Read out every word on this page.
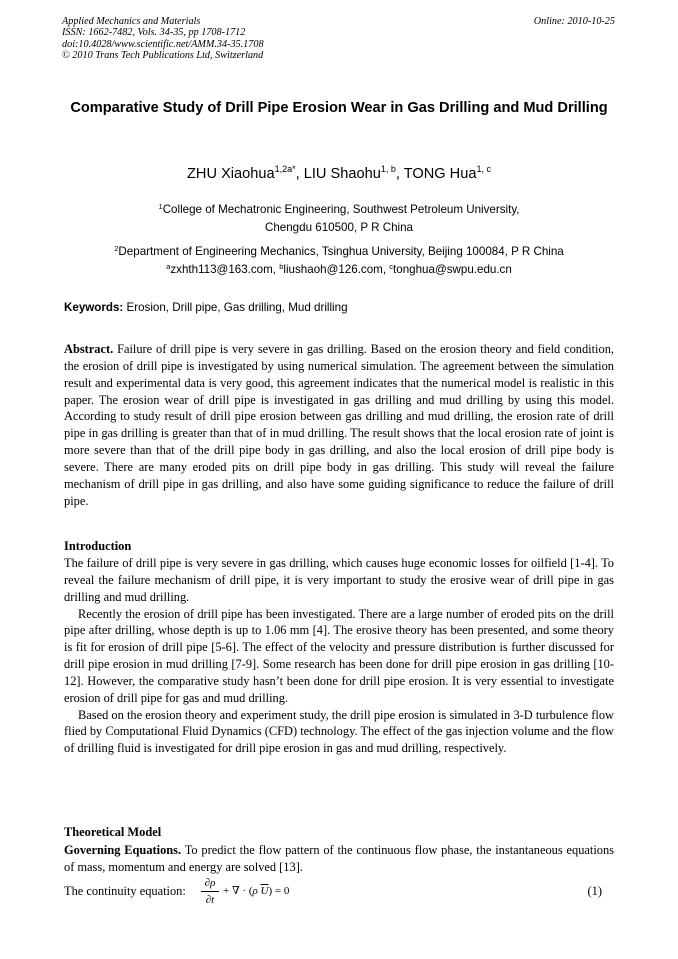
Applied Mechanics and Materials
ISSN: 1662-7482, Vols. 34-35, pp 1708-1712
doi:10.4028/www.scientific.net/AMM.34-35.1708
© 2010 Trans Tech Publications Ltd, Switzerland
Online: 2010-10-25
Comparative Study of Drill Pipe Erosion Wear in Gas Drilling and Mud Drilling
ZHU Xiaohua$^{1,2a*}$, LIU Shaohu$^{1, b}$, TONG Hua$^{1, c}$
$^1$College of Mechatronic Engineering, Southwest Petroleum University,
Chengdu 610500, P R China
$^2$Department of Engineering Mechanics, Tsinghua University, Beijing 100084, P R China
$^a$zxhth113@163.com, $^b$liushaoh@126.com, $^c$tonghua@swpu.edu.cn
Keywords: Erosion, Drill pipe, Gas drilling, Mud drilling
Abstract. Failure of drill pipe is very severe in gas drilling. Based on the erosion theory and field condition, the erosion of drill pipe is investigated by using numerical simulation. The agreement between the simulation result and experimental data is very good, this agreement indicates that the numerical model is realistic in this paper. The erosion wear of drill pipe is investigated in gas drilling and mud drilling by using this model. According to study result of drill pipe erosion between gas drilling and mud drilling, the erosion rate of drill pipe in gas drilling is greater than that of in mud drilling. The result shows that the local erosion rate of joint is more severe than that of the drill pipe body in gas drilling, and also the local erosion of drill pipe body is severe. There are many eroded pits on drill pipe body in gas drilling. This study will reveal the failure mechanism of drill pipe in gas drilling, and also have some guiding significance to reduce the failure of drill pipe.
Introduction
The failure of drill pipe is very severe in gas drilling, which causes huge economic losses for oilfield [1-4]. To reveal the failure mechanism of drill pipe, it is very important to study the erosive wear of drill pipe in gas drilling and mud drilling.
Recently the erosion of drill pipe has been investigated. There are a large number of eroded pits on the drill pipe after drilling, whose depth is up to 1.06 mm [4]. The erosive theory has been presented, and some theory is fit for erosion of drill pipe [5-6]. The effect of the velocity and pressure distribution is further discussed for drill pipe erosion in mud drilling [7-9]. Some research has been done for drill pipe erosion in gas drilling [10-12]. However, the comparative study hasn’t been done for drill pipe erosion. It is very essential to investigate erosion of drill pipe for gas and mud drilling.
Based on the erosion theory and experiment study, the drill pipe erosion is simulated in 3-D turbulence flow flied by Computational Fluid Dynamics (CFD) technology. The effect of the gas injection volume and the flow of drilling fluid is investigated for drill pipe erosion in gas and mud drilling, respectively.
Theoretical Model
Governing Equations. To predict the flow pattern of the continuous flow phase, the instantaneous equations of mass, momentum and energy are solved [13].
The continuity equation:
∂ρ
∂t
+ ∇ · (ρ $\overline{U}) = 0$	(1)
